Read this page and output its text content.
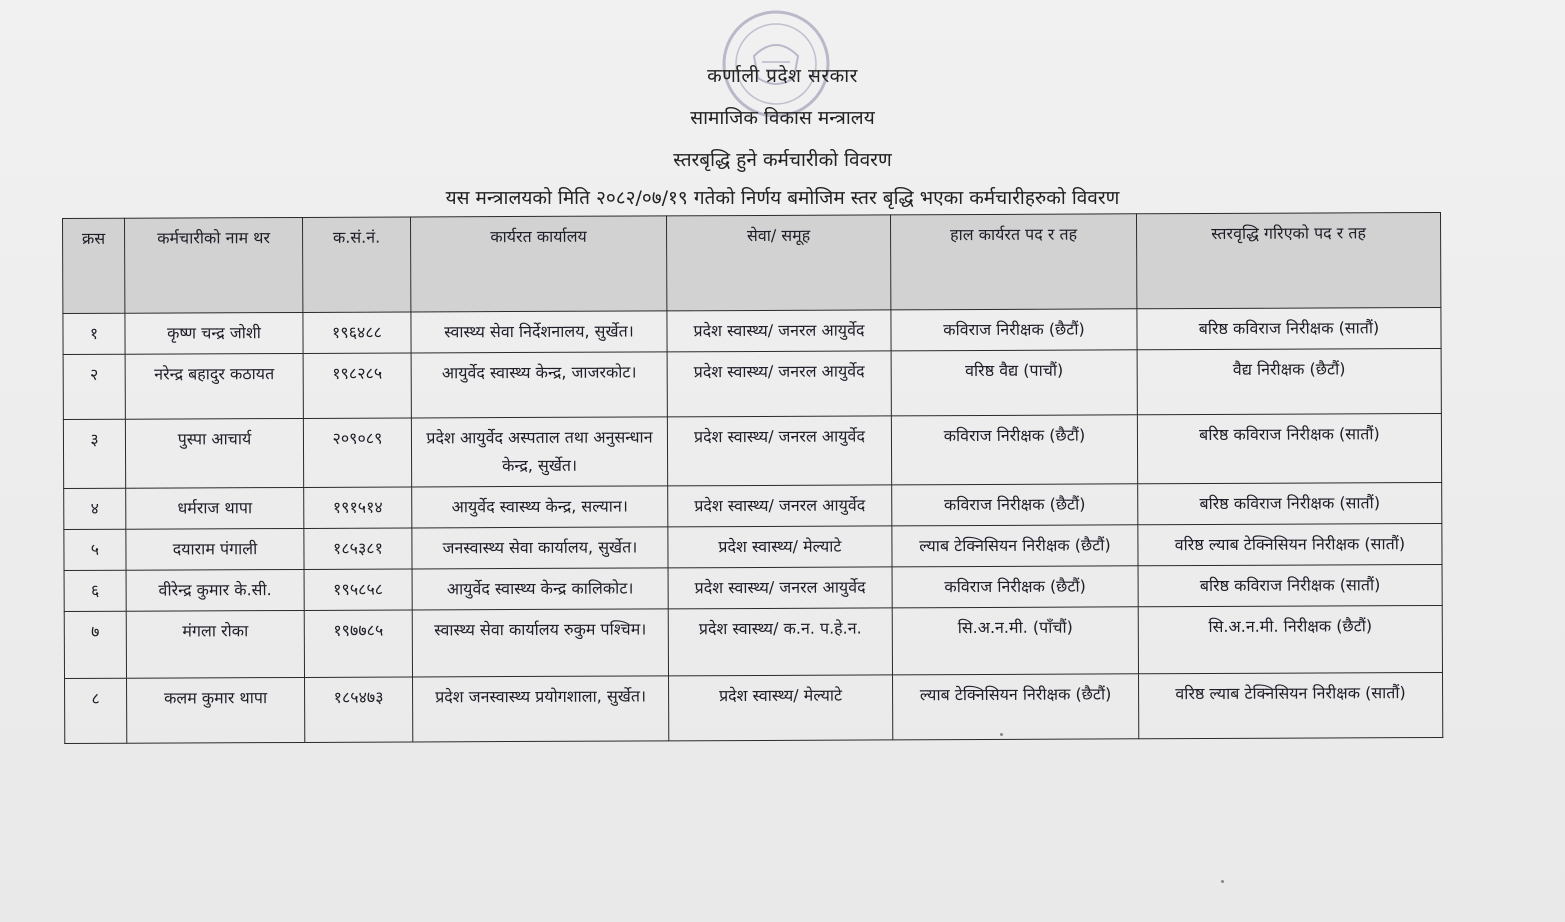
कर्णाली प्रदेश सरकार
सामाजिक विकास मन्त्रालय
स्तरबृद्धि हुने कर्मचारीको विवरण
यस मन्त्रालयको मिति २०८२/०७/१९ गतेको निर्णय बमोजिम स्तर बृद्धि भएका कर्मचारीहरुको विवरण
क्रस	कर्मचारीको नाम थर	क.सं.नं.	कार्यरत कार्यालय	सेवा/ समूह	हाल कार्यरत पद र तह	स्तरवृद्धि गरिएको पद र तह
१	कृष्ण चन्द्र जोशी	१९६४८८	स्वास्थ्य सेवा निर्देशनालय, सुर्खेत।	प्रदेश स्वास्थ्य/ जनरल आयुर्वेद	कविराज निरीक्षक (छैटौं)	बरिष्ठ कविराज निरीक्षक (सातौं)
२	नरेन्द्र बहादुर कठायत	१९८२८५	आयुर्वेद स्वास्थ्य केन्द्र, जाजरकोट।	प्रदेश स्वास्थ्य/ जनरल आयुर्वेद	वरिष्ठ वैद्य (पाचौं)	वैद्य निरीक्षक (छैटौं)
३	पुस्पा आचार्य	२०९०८९	प्रदेश आयुर्वेद अस्पताल तथा अनुसन्धान केन्द्र, सुर्खेत।	प्रदेश स्वास्थ्य/ जनरल आयुर्वेद	कविराज निरीक्षक (छैटौं)	बरिष्ठ कविराज निरीक्षक (सातौं)
४	धर्मराज थापा	१९१५१४	आयुर्वेद स्वास्थ्य केन्द्र, सल्यान।	प्रदेश स्वास्थ्य/ जनरल आयुर्वेद	कविराज निरीक्षक (छैटौं)	बरिष्ठ कविराज निरीक्षक (सातौं)
५	दयाराम पंगाली	१८५३८१	जनस्वास्थ्य सेवा कार्यालय, सुर्खेत।	प्रदेश स्वास्थ्य/ मेल्याटे	ल्याब टेक्निसियन निरीक्षक (छैटौं)	वरिष्ठ ल्याब टेक्निसियन निरीक्षक (सातौं)
६	वीरेन्द्र कुमार के.सी.	१९५८५८	आयुर्वेद स्वास्थ्य केन्द्र कालिकोट।	प्रदेश स्वास्थ्य/ जनरल आयुर्वेद	कविराज निरीक्षक (छैटौं)	बरिष्ठ कविराज निरीक्षक (सातौं)
७	मंगला रोका	१९७७८५	स्वास्थ्य सेवा कार्यालय रुकुम पश्चिम।	प्रदेश स्वास्थ्य/ क.न. प.हे.न.	सि.अ.न.मी. (पाँचौं)	सि.अ.न.मी. निरीक्षक (छैटौं)
८	कलम कुमार थापा	१८५४७३	प्रदेश जनस्वास्थ्य प्रयोगशाला, सुर्खेत।	प्रदेश स्वास्थ्य/ मेल्याटे	ल्याब टेक्निसियन निरीक्षक (छैटौं)	वरिष्ठ ल्याब टेक्निसियन निरीक्षक (सातौं)
